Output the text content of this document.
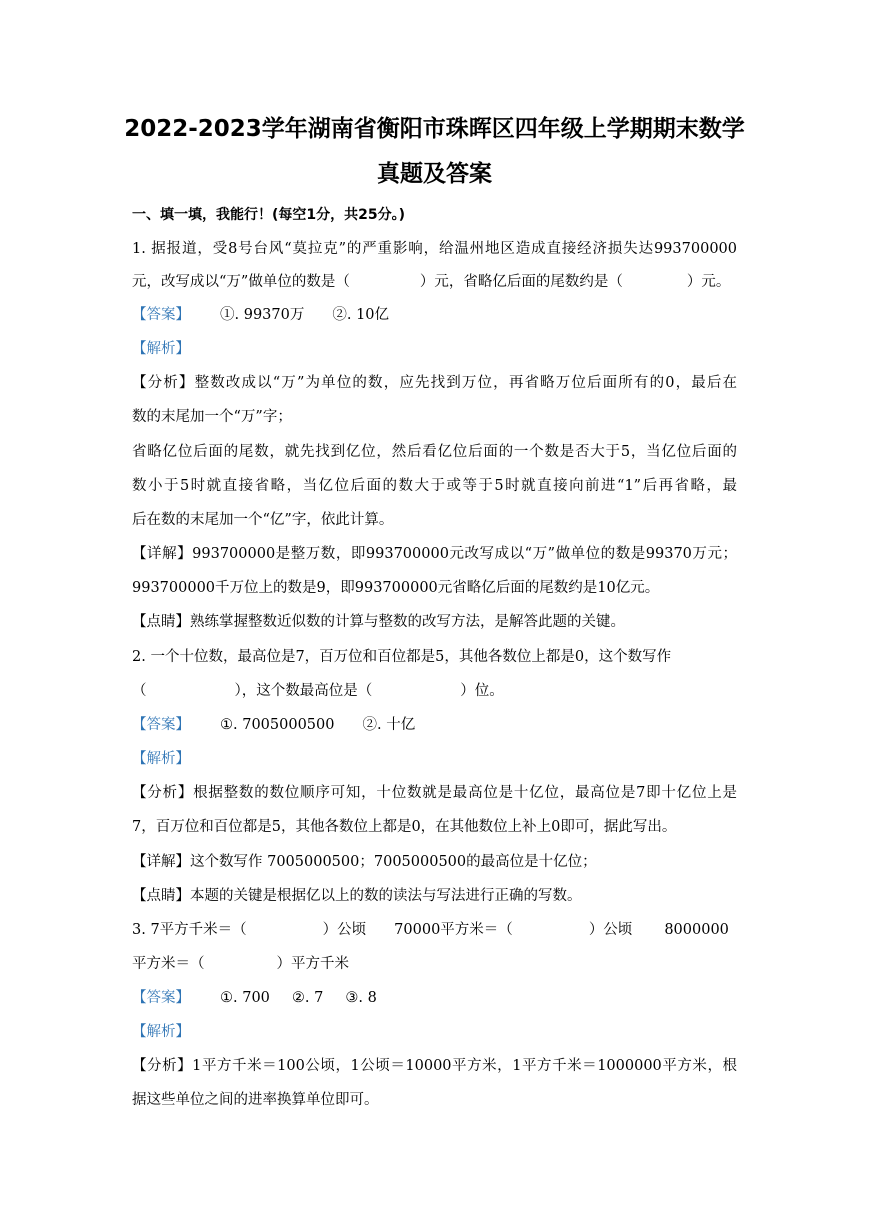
2022-2023学年湖南省衡阳市珠晖区四年级上学期期末数学
真题及答案
一、填一填，我能行！(每空1分，共25分。)
1. 据报道，受8号台风“莫拉克”的严重影响，给温州地区造成直接经济损失达993700000
元，改写成以“万”做单位的数是（	）元，省略亿后面的尾数约是（	）元。
【答案】 ①. 99370万 ②. 10亿
【解析】
【分析】整数改成以“万”为单位的数，应先找到万位，再省略万位后面所有的0，最后在
数的末尾加一个“万”字；
省略亿位后面的尾数，就先找到亿位，然后看亿位后面的一个数是否大于5，当亿位后面的
数小于5时就直接省略，当亿位后面的数大于或等于5时就直接向前进“1”后再省略，最
后在数的末尾加一个“亿”字，依此计算。
【详解】993700000是整万数，即993700000元改写成以“万”做单位的数是99370万元；
993700000千万位上的数是9，即993700000元省略亿后面的尾数约是10亿元。
【点睛】熟练掌握整数近似数的计算与整数的改写方法，是解答此题的关键。
2. 一个十位数，最高位是7，百万位和百位都是5，其他各数位上都是0，这个数写作
（	），这个数最高位是（	）位。
【答案】 ①. 7005000500 ②. 十亿
【解析】
【分析】根据整数的数位顺序可知，十位数就是最高位是十亿位，最高位是7即十亿位上是
7，百万位和百位都是5，其他各数位上都是0，在其他数位上补上0即可，据此写出。
【详解】这个数写作 7005000500；7005000500的最高位是十亿位；
【点睛】本题的关键是根据亿以上的数的读法与写法进行正确的写数。
3. 7平方千米＝（	）公顷 70000平方米＝（	）公顷 8000000
平方米＝（	）平方千米
【答案】 ①. 700 ②. 7 ③. 8
【解析】
【分析】1平方千米＝100公顷，1公顷＝10000平方米，1平方千米＝1000000平方米，根
据这些单位之间的进率换算单位即可。
